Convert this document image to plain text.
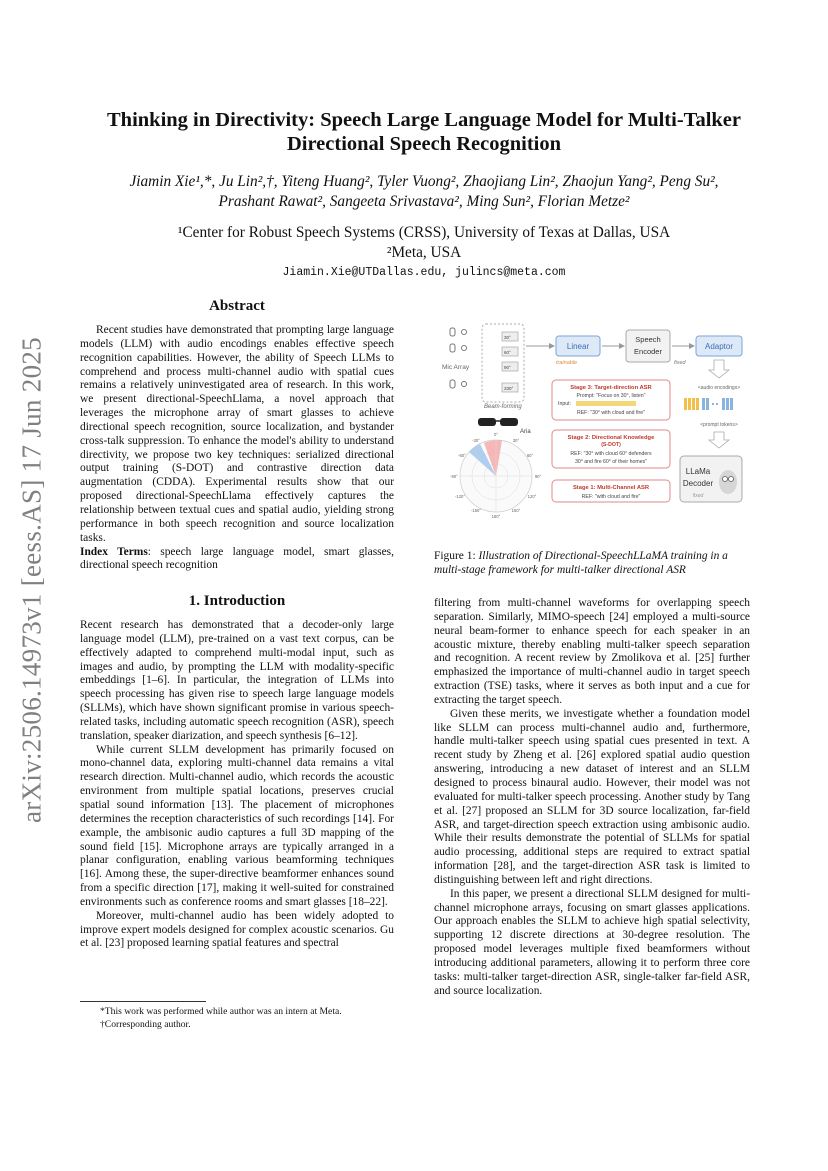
arXiv:2506.14973v1 [eess.AS] 17 Jun 2025
Thinking in Directivity: Speech Large Language Model for Multi-Talker
Directional Speech Recognition
Jiamin Xie¹,*, Ju Lin²,†, Yiteng Huang², Tyler Vuong², Zhaojiang Lin², Zhaojun Yang², Peng Su²,
Prashant Rawat², Sangeeta Srivastava², Ming Sun², Florian Metze²
¹Center for Robust Speech Systems (CRSS), University of Texas at Dallas, USA
²Meta, USA
Jiamin.Xie@UTDallas.edu, julincs@meta.com
Abstract

Recent studies have demonstrated that prompting large language models (LLM) with audio encodings enables effective speech recognition capabilities. However, the ability of Speech LLMs to comprehend and process multi-channel audio with spatial cues remains a relatively uninvestigated area of research. In this work, we present directional-SpeechLlama, a novel approach that leverages the microphone array of smart glasses to achieve directional speech recognition, source localization, and bystander cross-talk suppression. To enhance the model's ability to understand directivity, we propose two key techniques: serialized directional output training (S-DOT) and contrastive direction data augmentation (CDDA). Experimental results show that our proposed directional-SpeechLlama effectively captures the relationship between textual cues and spatial audio, yielding strong performance in both speech recognition and source localization tasks.

Index Terms: speech large language model, smart glasses, directional speech recognition

1. Introduction

Recent research has demonstrated that a decoder-only large language model (LLM), pre-trained on a vast text corpus, can be effectively adapted to comprehend multi-modal input, such as images and audio, by prompting the LLM with modality-specific embeddings [1–6]. In particular, the integration of LLMs into speech processing has given rise to speech large language models (SLLMs), which have shown significant promise in various speech-related tasks, including automatic speech recognition (ASR), speech translation, speaker diarization, and speech synthesis [6–12].

While current SLLM development has primarily focused on mono-channel data, exploring multi-channel data remains a vital research direction. Multi-channel audio, which records the acoustic environment from multiple spatial locations, preserves crucial spatial sound information [13]. The placement of microphones determines the reception characteristics of such recordings [14]. For example, the ambisonic audio captures a full 3D mapping of the sound field [15]. Microphone arrays are typically arranged in a planar configuration, enabling various beamforming techniques [16]. Among these, the super-directive beamformer enhances sound from a specific direction [17], making it well-suited for constrained environments such as conference rooms and smart glasses [18–22].

Moreover, multi-channel audio has been widely adopted to improve expert models designed for complex acoustic scenarios. Gu et al. [23] proposed learning spatial features and spectral

*This work was performed while author was an intern at Meta.
†Corresponding author.
Mic Array
30°
60°
90°
330°
Beam-forming
Linear
trainable
Speech
Encoder
fixed
Adaptor
<audio encodings>
<prompt tokens>
LLaMa
Decoder
fixed
Stage 3: Target-direction ASR
Prompt: "Focus on 30°, listen"
Input:
REF: "30° with cloud and fire"
Stage 2: Directional Knowledge
(S-DOT)
REF: "30° with cloud 60° defenders
30° and fire 60° of their homes"
Stage 1: Multi-Channel ASR
REF: "with cloud and fire"
Aria
0°
30°
60°
90°
120°
150°
180°
-150°
-120°
-90°
-60°
-30°
Figure 1: Illustration of Directional-SpeechLLaMA training in a multi-stage framework for multi-talker directional ASR

filtering from multi-channel waveforms for overlapping speech separation. Similarly, MIMO-speech [24] employed a multi-source neural beam-former to enhance speech for each speaker in an acoustic mixture, thereby enabling multi-talker speech separation and recognition. A recent review by Zmolikova et al. [25] further emphasized the importance of multi-channel audio in target speech extraction (TSE) tasks, where it serves as both input and a cue for extracting the target speech.

Given these merits, we investigate whether a foundation model like SLLM can process multi-channel audio and, furthermore, handle multi-talker speech using spatial cues presented in text. A recent study by Zheng et al. [26] explored spatial audio question answering, introducing a new dataset of interest and an SLLM designed to process binaural audio. However, their model was not evaluated for multi-talker speech processing. Another study by Tang et al. [27] proposed an SLLM for 3D source localization, far-field ASR, and target-direction speech extraction using ambisonic audio. While their results demonstrate the potential of SLLMs for spatial audio processing, additional steps are required to extract spatial information [28], and the target-direction ASR task is limited to distinguishing between left and right directions.

In this paper, we present a directional SLLM designed for multi-channel microphone arrays, focusing on smart glasses applications. Our approach enables the SLLM to achieve high spatial selectivity, supporting 12 discrete directions at 30-degree resolution. The proposed model leverages multiple fixed beamformers without introducing additional parameters, allowing it to perform three core tasks: multi-talker target-direction ASR, single-talker far-field ASR, and source localization.
